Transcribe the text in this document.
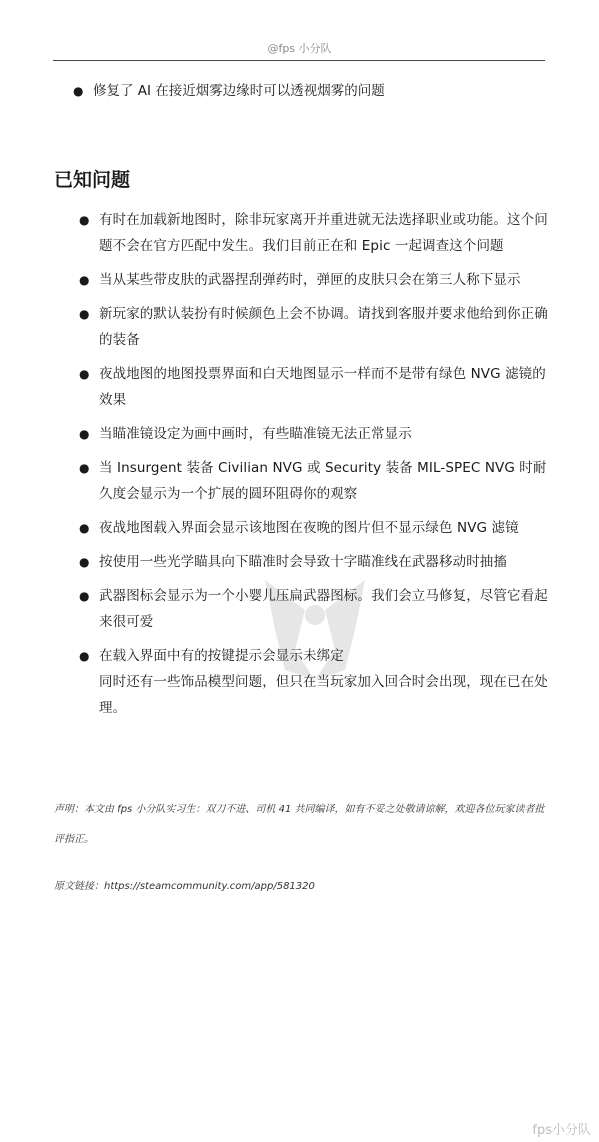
@fps 小分队
● 修复了 AI 在接近烟雾边缘时可以透视烟雾的问题
已知问题
● 有时在加载新地图时，除非玩家离开并重进就无法选择职业或功能。这个问题不会在官方匹配中发生。我们目前正在和 Epic 一起调查这个问题
● 当从某些带皮肤的武器捏刮弹药时，弹匣的皮肤只会在第三人称下显示
● 新玩家的默认装扮有时候颜色上会不协调。请找到客服并要求他给到你正确的装备
● 夜战地图的地图投票界面和白天地图显示一样而不是带有绿色 NVG 滤镜的效果
● 当瞄准镜设定为画中画时，有些瞄准镜无法正常显示
● 当 Insurgent 装备 Civilian NVG 或 Security 装备 MIL-SPEC NVG 时耐久度会显示为一个扩展的圆环阻碍你的观察
● 夜战地图载入界面会显示该地图在夜晚的图片但不显示绿色 NVG 滤镜
● 按使用一些光学瞄具向下瞄准时会导致十字瞄准线在武器移动时抽搐
● 武器图标会显示为一个小婴儿压扁武器图标。我们会立马修复，尽管它看起来很可爱
● 在载入界面中有的按键提示会显示未绑定
同时还有一些饰品模型问题，但只在当玩家加入回合时会出现，现在已在处理。
声明：本文由 fps 小分队实习生：双刀不进、司机 41 共同编译，如有不妥之处敬请谅解，欢迎各位玩家读者批评指正。
原文链接：https://steamcommunity.com/app/581320
fps小分队
